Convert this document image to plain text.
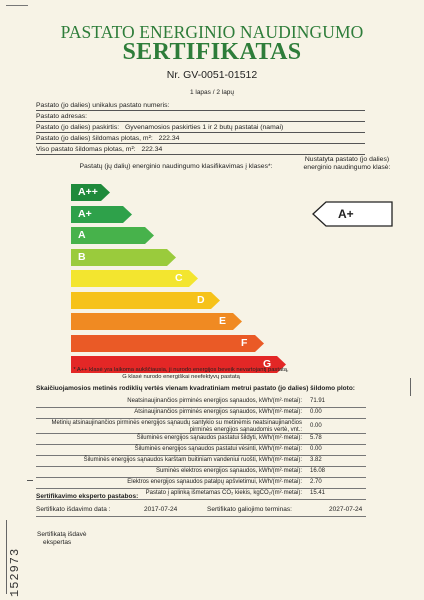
PASTATO ENERGINIO NAUDINGUMO
SERTIFIKATAS
Nr. GV-0051-01512
1 lapas / 2 lapų
Pastato (jo dalies) unikalus pastato numeris:
Pastato adresas:
Pastato (jo dalies) paskirtis: Gyvenamosios paskirties 1 ir 2 butų pastatai (namai)
Pastato (jo dalies) šildomas plotas, m²: 222.34
Viso pastato šildomas plotas, m²: 222.34
Pastatų (jų dalių) energinio naudingumo klasifikavimas į klases*:
Nustatyta pastato (jo dalies) energinio naudingumo klasė:
A++
A+
A
B
C
D
E
F
G
A+
* A++ klasė yra laikoma aukščiausia, ji nurodo energijos beveik nevartojantį pastatą,
G klasė nurodo energiškai neefektyvų pastatą
Skaičiuojamosios metinės rodiklių vertės vienam kvadratiniam metrui pastato (jo dalies) šildomo ploto:
Neatsinaujinančios pirminės energijos sąnaudos, kWh/(m²·metai): 71.91
Atsinaujinančios pirminės energijos sąnaudos, kWh/(m²·metai): 0.00
Metinių atsinaujinančios pirminės energijos sąnaudų santykio su metinėmis neatsinaujinančios pirminės energijos sąnaudomis vertė, vnt.:
0.00
Šiluminės energijos sąnaudos pastatui šildyti, kWh/(m²·metai): 5.78
Šiluminės energijos sąnaudos pastatui vėsinti, kWh/(m²·metai): 0.00
Šiluminės energijos sąnaudos karštam buitiniam vandeniui ruošti, kWh/(m²·metai): 3.82
Suminės elektros energijos sąnaudos, kWh/(m²·metai): 16.08
Elektros energijos sąnaudos patalpų apšvietimui, kWh/(m²·metai): 2.70
Pastato į aplinką išmetamas CO₂ kiekis, kgCO₂/(m²·metai): 15.41
Sertifikavimo eksperto pastabos:
Sertifikato išdavimo data :	2017-07-24	Sertifikato galiojimo terminas:	2027-07-24
Sertifikatą išdavė
ekspertas
152973
